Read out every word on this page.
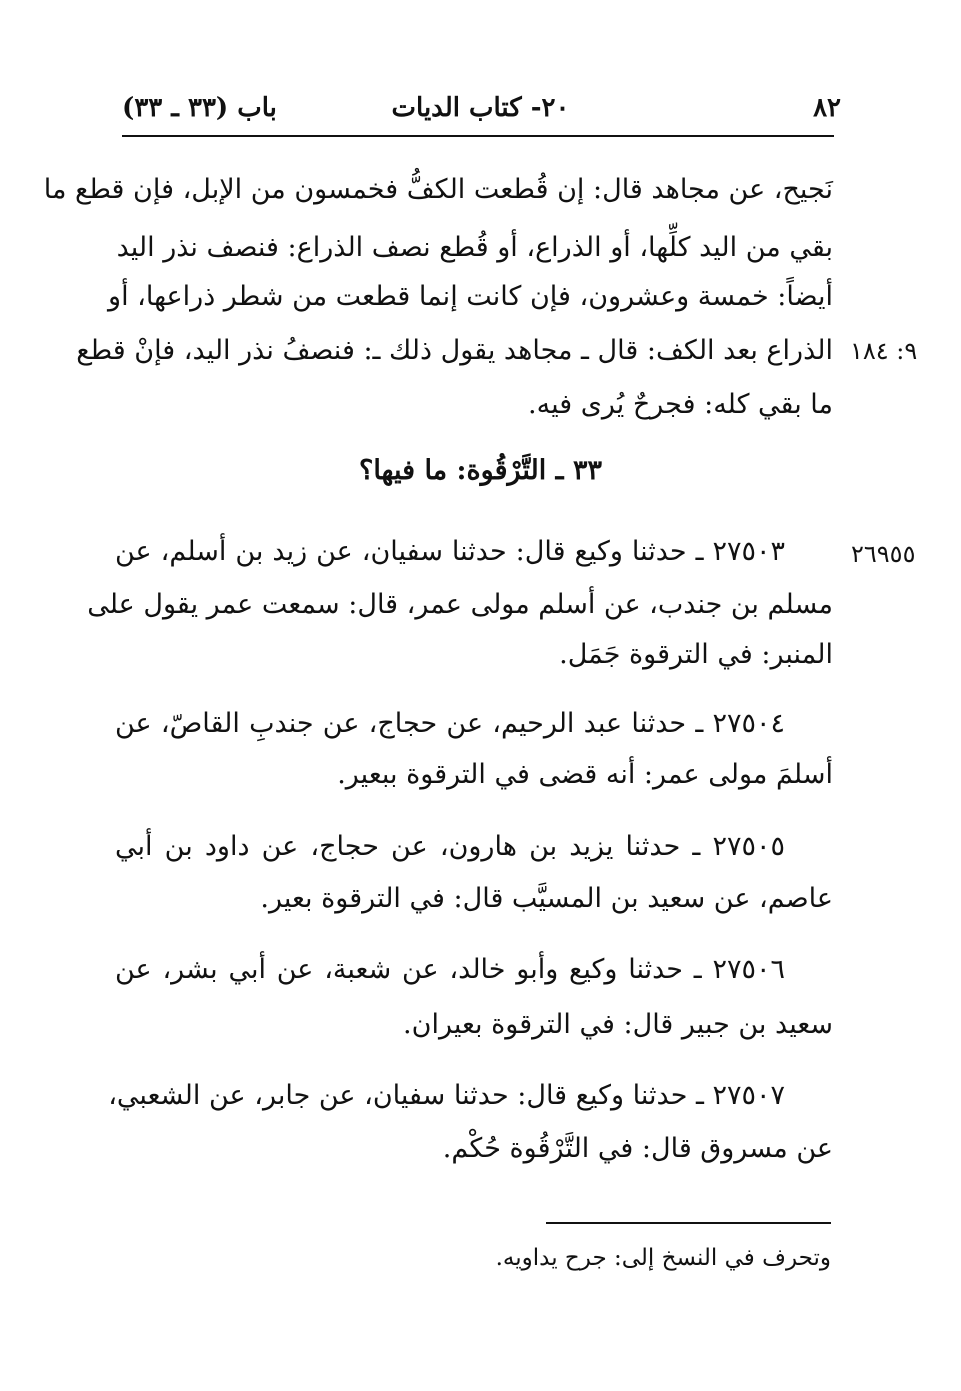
٨٢
٢٠- كتاب الديات
باب (٣٣ ـ ٣٣)
نَجيح، عن مجاهد قال: إن قُطعت الكفُّ فخمسون من الإبل، فإن قطع ما
بقي من اليد كلِّها، أو الذراع، أو قُطع نصف الذراع: فنصف نذر اليد
أيضاً: خمسة وعشرون، فإن كانت إنما قطعت من شطر ذراعها، أو
الذراع بعد الكف: قال ـ مجاهد يقول ذلك ـ: فنصفُ نذر اليد، فإنْ قطع
ما بقي كله: فجرحٌ يُرى فيه.
٩: ١٨٤
٣٣ ـ التَّرْقُوة: ما فيها؟
٢٦٩٥٥
٢٧٥٠٣ ـ حدثنا وكيع قال: حدثنا سفيان، عن زيد بن أسلم، عن
مسلم بن جندب، عن أسلم مولى عمر، قال: سمعت عمر يقول على
المنبر: في الترقوة جَمَل.
٢٧٥٠٤ ـ حدثنا عبد الرحيم، عن حجاج، عن جندبِ القاصّ، عن
أسلمَ مولى عمر: أنه قضى في الترقوة ببعير.
٢٧٥٠٥ ـ حدثنا يزيد بن هارون، عن حجاج، عن داود بن أبي
عاصم، عن سعيد بن المسيَّب قال: في الترقوة بعير.
٢٧٥٠٦ ـ حدثنا وكيع وأبو خالد، عن شعبة، عن أبي بشر، عن
سعيد بن جبير قال: في الترقوة بعيران.
٢٧٥٠٧ ـ حدثنا وكيع قال: حدثنا سفيان، عن جابر، عن الشعبي،
عن مسروق قال: في التَّرْقُوة حُكْم.
وتحرف في النسخ إلى: جرح يداويه.
